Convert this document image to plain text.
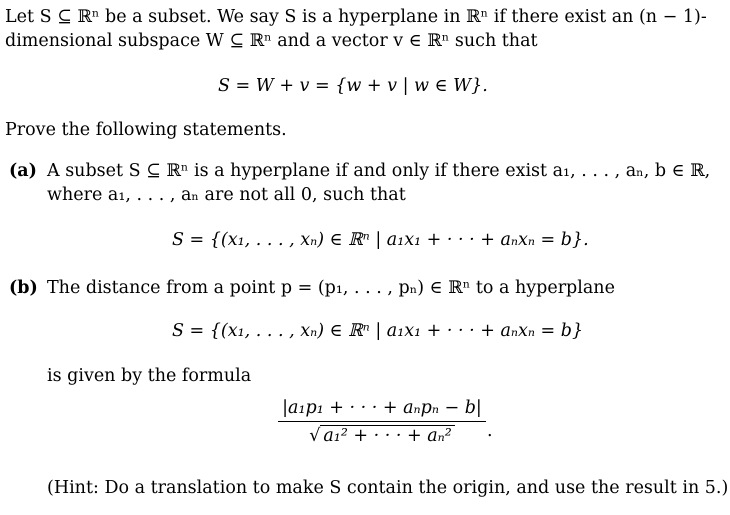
Let S ⊆ ℝⁿ be a subset. We say S is a hyperplane in ℝⁿ if there exist an (n − 1)-
dimensional subspace W ⊆ ℝⁿ and a vector v ∈ ℝⁿ such that
S = W + v = {w + v | w ∈ W}.
Prove the following statements.
(a) A subset S ⊆ ℝⁿ is a hyperplane if and only if there exist a₁, . . . , aₙ, b ∈ ℝ,
where a₁, . . . , aₙ are not all 0, such that
S = {(x₁, . . . , xₙ) ∈ ℝⁿ | a₁x₁ + · · · + aₙxₙ = b}.
(b) The distance from a point p = (p₁, . . . , pₙ) ∈ ℝⁿ to a hyperplane
S = {(x₁, . . . , xₙ) ∈ ℝⁿ | a₁x₁ + · · · + aₙxₙ = b}
is given by the formula
|a₁p₁ + · · · + aₙpₙ − b|
√ a₁² + · · · + aₙ²	.
(Hint: Do a translation to make S contain the origin, and use the result in 5.)
